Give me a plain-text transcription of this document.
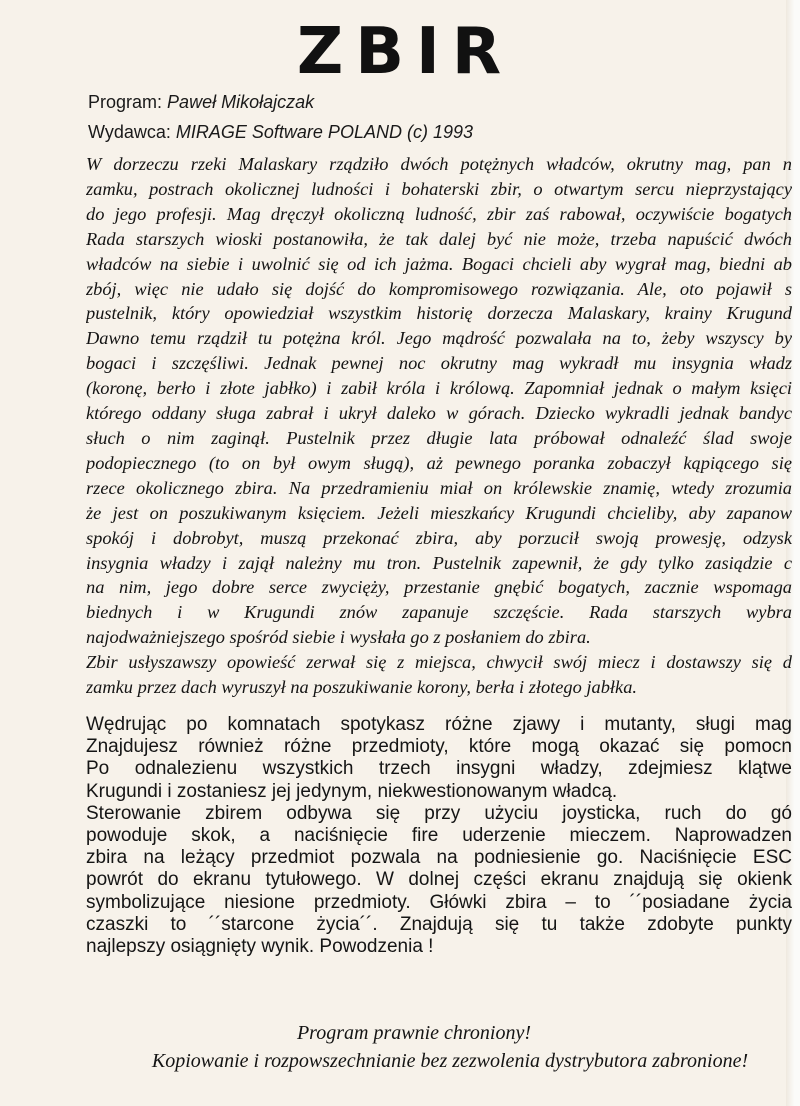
ZBIR
Program: Paweł Mikołajczak
Wydawca: MIRAGE Software POLAND (c) 1993
W dorzeczu rzeki Malaskary rządziło dwóch potężnych władców, okrutny mag, pan n
zamku, postrach okolicznej ludności i bohaterski zbir, o otwartym sercu nieprzystający
do jego profesji. Mag dręczył okoliczną ludność, zbir zaś rabował, oczywiście bogatych
Rada starszych wioski postanowiła, że tak dalej być nie może, trzeba napuścić dwóch
władców na siebie i uwolnić się od ich jażma. Bogaci chcieli aby wygrał mag, biedni ab
zbój, więc nie udało się dojść do kompromisowego rozwiązania. Ale, oto pojawił s
pustelnik, który opowiedział wszystkim historię dorzecza Malaskary, krainy Krugund
Dawno temu rządził tu potężna król. Jego mądrość pozwalała na to, żeby wszyscy by
bogaci i szczęśliwi. Jednak pewnej noc okrutny mag wykradł mu insygnia władz
(koronę, berło i złote jabłko) i zabił króla i królową. Zapomniał jednak o małym księci
którego oddany sługa zabrał i ukrył daleko w górach. Dziecko wykradli jednak bandyc
słuch o nim zaginął. Pustelnik przez długie lata próbował odnaleźć ślad swoje
podopiecznego (to on był owym sługą), aż pewnego poranka zobaczył kąpiącego się
rzece okolicznego zbira. Na przedramieniu miał on królewskie znamię, wtedy zrozumia
że jest on poszukiwanym księciem. Jeżeli mieszkańcy Krugundi chcieliby, aby zapanow
spokój i dobrobyt, muszą przekonać zbira, aby porzucił swoją prowesję, odzysk
insygnia władzy i zajął należny mu tron. Pustelnik zapewnił, że gdy tylko zasiądzie c
na nim, jego dobre serce zwycięży, przestanie gnębić bogatych, zacznie wspomaga
biednych i w Krugundi znów zapanuje szczęście. Rada starszych wybra
najodważniejszego spośród siebie i wysłała go z posłaniem do zbira.
Zbir usłyszawszy opowieść zerwał się z miejsca, chwycił swój miecz i dostawszy się d
zamku przez dach wyruszył na poszukiwanie korony, berła i złotego jabłka.
Wędrując po komnatach spotykasz różne zjawy i mutanty, sługi mag
Znajdujesz również różne przedmioty, które mogą okazać się pomocn
Po odnalezienu wszystkich trzech insygni władzy, zdejmiesz klątwe
Krugundi i zostaniesz jej jedynym, niekwestionowanym władcą.
Sterowanie zbirem odbywa się przy użyciu joysticka, ruch do gó
powoduje skok, a naciśnięcie fire uderzenie mieczem. Naprowadzen
zbira na leżący przedmiot pozwala na podniesienie go. Naciśnięcie ESC
powrót do ekranu tytułowego. W dolnej części ekranu znajdują się okienk
symbolizujące niesione przedmioty. Główki zbira – to ´´posiadane życia
czaszki to ´´starcone życia´´. Znajdują się tu także zdobyte punkty
najlepszy osiągnięty wynik. Powodzenia !
Program prawnie chroniony!
Kopiowanie i rozpowszechnianie bez zezwolenia dystrybutora zabronione!
